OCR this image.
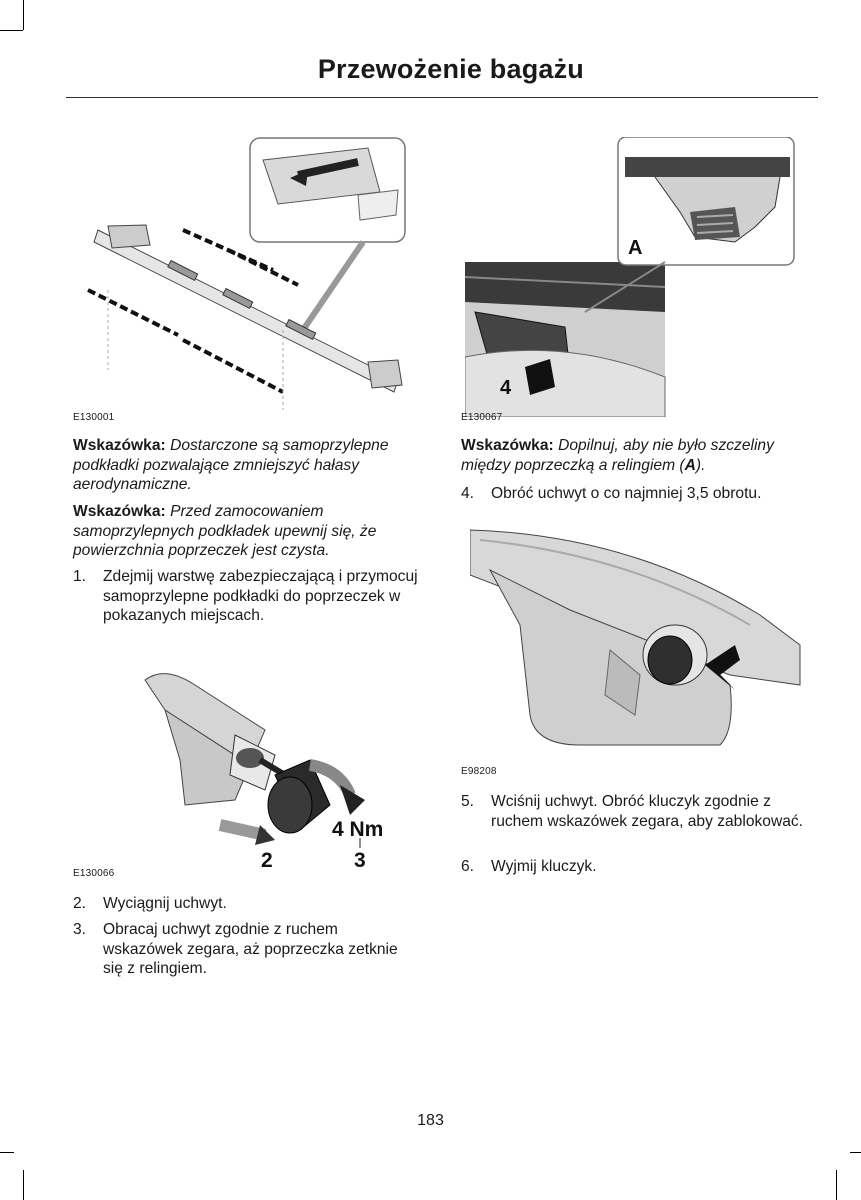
Przewożenie bagażu
E130001
Wskazówka: Dostarczone są samoprzylepne podkładki pozwalające zmniejszyć hałasy aerodynamiczne.
Wskazówka: Przed zamocowaniem samoprzylepnych podkładek upewnij się, że powierzchnia poprzeczek jest czysta.
1. Zdejmij warstwę zabezpieczającą i przymocuj samoprzylepne podkładki do poprzeczek w pokazanych miejscach.
4 Nm
2	3
E130066
2. Wyciągnij uchwyt.
3. Obracaj uchwyt zgodnie z ruchem wskazówek zegara, aż poprzeczka zetknie się z relingiem.
A
4
E130067
Wskazówka: Dopilnuj, aby nie było szczeliny między poprzeczką a relingiem (A).
4. Obróć uchwyt o co najmniej 3,5 obrotu.
E98208
5. Wciśnij uchwyt. Obróć kluczyk zgodnie z ruchem wskazówek zegara, aby zablokować.
6. Wyjmij kluczyk.
183
